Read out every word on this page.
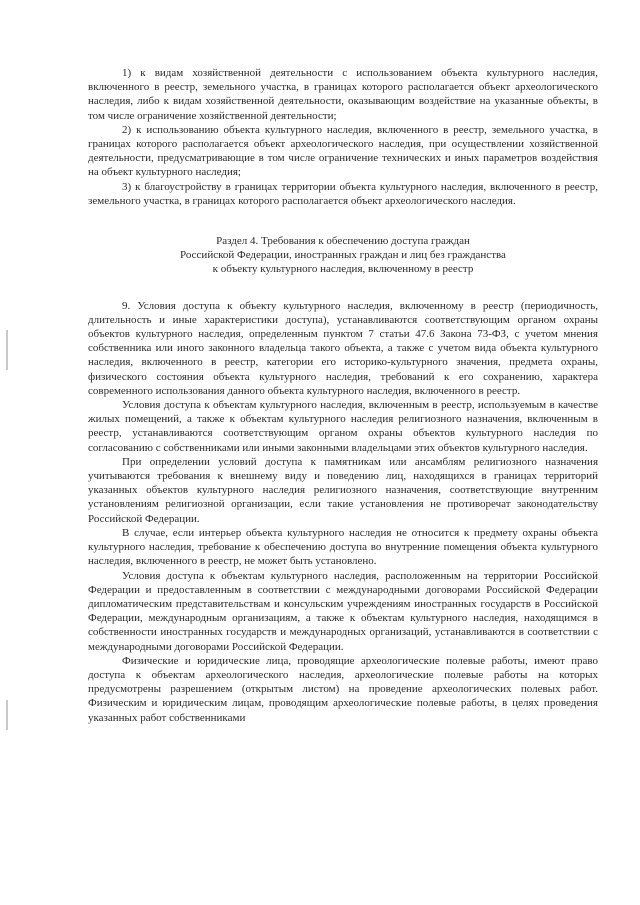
1) к видам хозяйственной деятельности с использованием объекта культурного наследия, включенного в реестр, земельного участка, в границах которого располагается объект археологического наследия, либо к видам хозяйственной деятельности, оказывающим воздействие на указанные объекты, в том числе ограничение хозяйственной деятельности;

2) к использованию объекта культурного наследия, включенного в реестр, земельного участка, в границах которого располагается объект археологического наследия, при осуществлении хозяйственной деятельности, предусматривающие в том числе ограничение технических и иных параметров воздействия на объект культурного наследия;

3) к благоустройству в границах территории объекта культурного наследия, включенного в реестр, земельного участка, в границах которого располагается объект археологического наследия.

Раздел 4. Требования к обеспечению доступа граждан
Российской Федерации, иностранных граждан и лиц без гражданства
к объекту культурного наследия, включенному в реестр

9. Условия доступа к объекту культурного наследия, включенному в реестр (периодичность, длительность и иные характеристики доступа), устанавливаются соответствующим органом охраны объектов культурного наследия, определенным пунктом 7 статьи 47.6 Закона 73-ФЗ, с учетом мнения собственника или иного законного владельца такого объекта, а также с учетом вида объекта культурного наследия, включенного в реестр, категории его историко-культурного значения, предмета охраны, физического состояния объекта культурного наследия, требований к его сохранению, характера современного использования данного объекта культурного наследия, включенного в реестр.

Условия доступа к объектам культурного наследия, включенным в реестр, используемым в качестве жилых помещений, а также к объектам культурного наследия религиозного назначения, включенным в реестр, устанавливаются соответствующим органом охраны объектов культурного наследия по согласованию с собственниками или иными законными владельцами этих объектов культурного наследия.

При определении условий доступа к памятникам или ансамблям религиозного назначения учитываются требования к внешнему виду и поведению лиц, находящихся в границах территорий указанных объектов культурного наследия религиозного назначения, соответствующие внутренним установлениям религиозной организации, если такие установления не противоречат законодательству Российской Федерации.

В случае, если интерьер объекта культурного наследия не относится к предмету охраны объекта культурного наследия, требование к обеспечению доступа во внутренние помещения объекта культурного наследия, включенного в реестр, не может быть установлено.

Условия доступа к объектам культурного наследия, расположенным на территории Российской Федерации и предоставленным в соответствии с международными договорами Российской Федерации дипломатическим представительствам и консульским учреждениям иностранных государств в Российской Федерации, международным организациям, а также к объектам культурного наследия, находящимся в собственности иностранных государств и международных организаций, устанавливаются в соответствии с международными договорами Российской Федерации.

Физические и юридические лица, проводящие археологические полевые работы, имеют право доступа к объектам археологического наследия, археологические полевые работы на которых предусмотрены разрешением (открытым листом) на проведение археологических полевых работ. Физическим и юридическим лицам, проводящим археологические полевые работы, в целях проведения указанных работ собственниками
